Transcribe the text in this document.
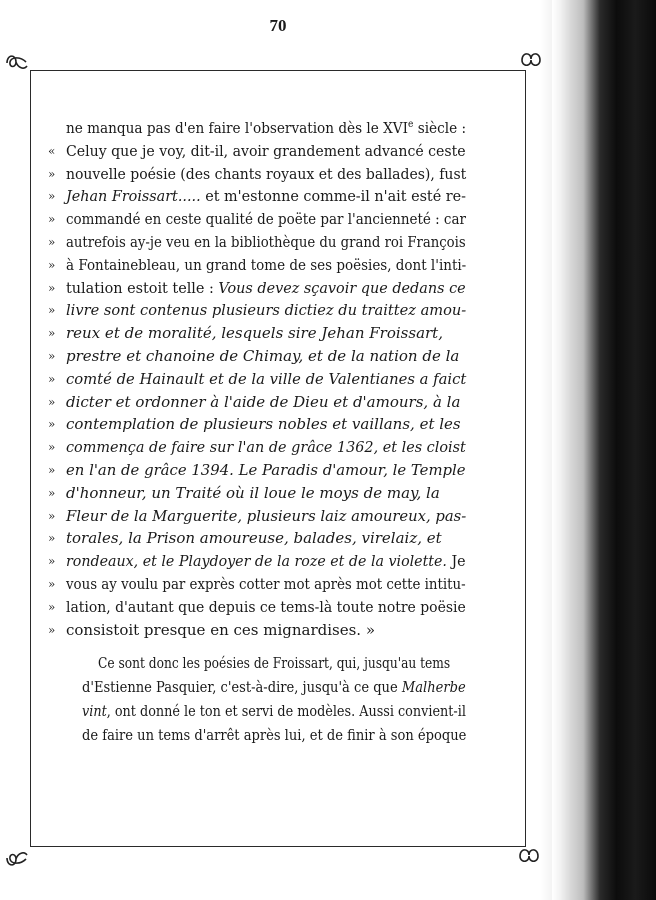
70
ne manqua pas d'en faire l'observation dès le XVIe siècle :
« Celuy que je voy, dit-il, avoir grandement advancé ceste
» nouvelle poésie (des chants royaux et des ballades), fust
» Jehan Froissart..... et m'estonne comme-il n'ait esté re-
» commandé en ceste qualité de poëte par l'ancienneté : car
» autrefois ay-je veu en la bibliothèque du grand roi François
» à Fontainebleau, un grand tome de ses poësies, dont l'inti-
» tulation estoit telle : Vous devez sçavoir que dedans ce
» livre sont contenus plusieurs dictiez du traittez amou-
» reux et de moralité, lesquels sire Jehan Froissart,
» prestre et chanoine de Chimay, et de la nation de la
» comté de Hainault et de la ville de Valentianes a faict
» dicter et ordonner à l'aide de Dieu et d'amours, à la
» contemplation de plusieurs nobles et vaillans, et les
» commença de faire sur l'an de grâce 1362, et les cloist
» en l'an de grâce 1394. Le Paradis d'amour, le Temple
» d'honneur, un Traité où il loue le moys de may, la
» Fleur de la Marguerite, plusieurs laiz amoureux, pas-
» torales, la Prison amoureuse, balades, virelaiz, et
» rondeaux, et le Playdoyer de la roze et de la violette. Je
» vous ay voulu par exprès cotter mot après mot cette intitu-
» lation, d'autant que depuis ce tems-là toute notre poësie
» consistoit presque en ces mignardises. »
Ce sont donc les poésies de Froissart, qui, jusqu'au tems
d'Estienne Pasquier, c'est-à-dire, jusqu'à ce que Malherbe
vint, ont donné le ton et servi de modèles. Aussi convient-il
de faire un tems d'arrêt après lui, et de finir à son époque
